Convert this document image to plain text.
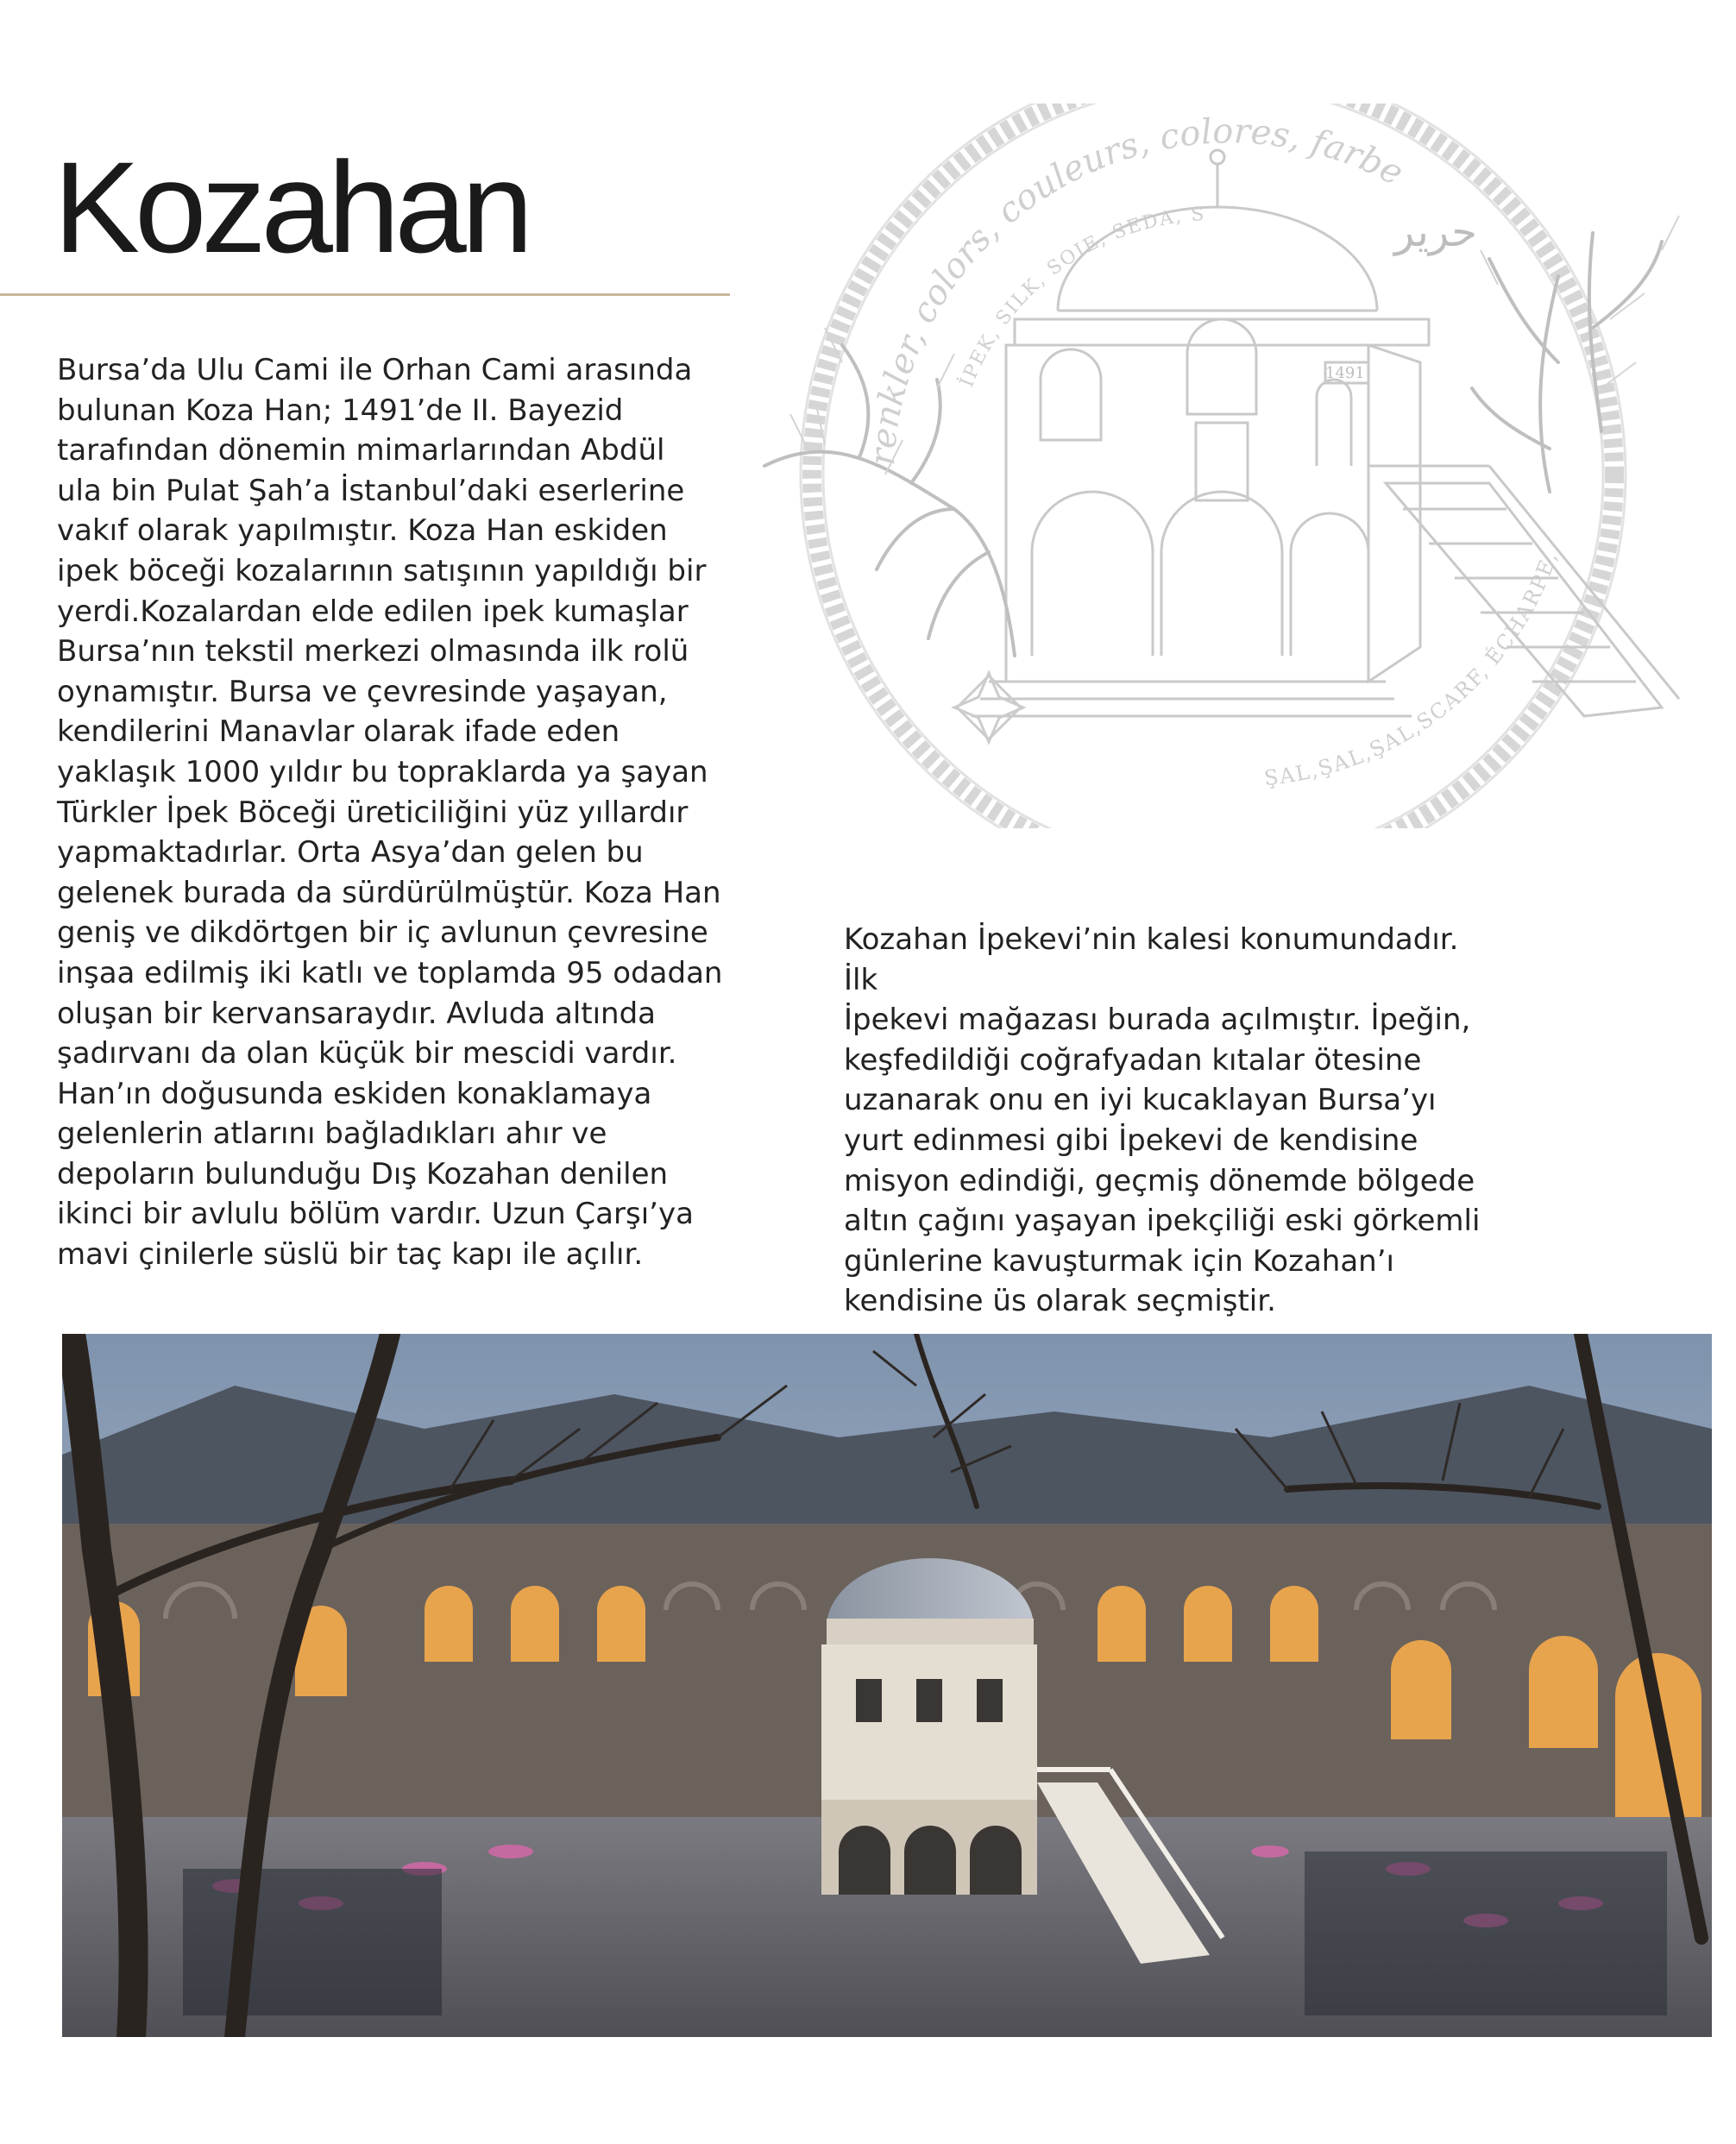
Kozahan

Bursa’da Ulu Cami ile Orhan Cami arasında
bulunan Koza Han; 1491’de II. Bayezid
tarafından dönemin mimarlarından Abdül
ula bin Pulat Şah’a İstanbul’daki eserlerine
vakıf olarak yapılmıştır. Koza Han eskiden
ipek böceği kozalarının satışının yapıldığı bir
yerdi.Kozalardan elde edilen ipek kumaşlar
Bursa’nın tekstil merkezi olmasında ilk rolü
oynamıştır. Bursa ve çevresinde yaşayan,
kendilerini Manavlar olarak ifade eden
yaklaşık 1000 yıldır bu topraklarda ya şayan
Türkler İpek Böceği üreticiliğini yüz yıllardır
yapmaktadırlar. Orta Asya’dan gelen bu
gelenek burada da sürdürülmüştür. Koza Han
geniş ve dikdörtgen bir iç avlunun çevresine
inşaa edilmiş iki katlı ve toplamda 95 odadan
oluşan bir kervansaraydır. Avluda altında
şadırvanı da olan küçük bir mescidi vardır.
Han’ın doğusunda eskiden konaklamaya
gelenlerin atlarını bağladıkları ahır ve
depoların bulunduğu Dış Kozahan denilen
ikinci bir avlulu bölüm vardır. Uzun Çarşı’ya
mavi çinilerle süslü bir taç kapı ile açılır.

Kozahan İpekevi’nin kalesi konumundadır. İlk
İpekevi mağazası burada açılmıştır. İpeğin,
keşfedildiği coğrafyadan kıtalar ötesine
uzanarak onu en iyi kucaklayan Bursa’yı
yurt edinmesi gibi İpekevi de kendisine
misyon edindiği, geçmiş dönemde bölgede
altın çağını yaşayan ipekçiliği eski görkemli
günlerine kavuşturmak için Kozahan’ı
kendisine üs olarak seçmiştir.

renkler, colors, couleurs, colores, farbe
İPEK, SILK, SOIE, SEDA, S
ŞAL,ŞAL,ŞAL,SCARF, ÉCHARPE,
حرير
1491
